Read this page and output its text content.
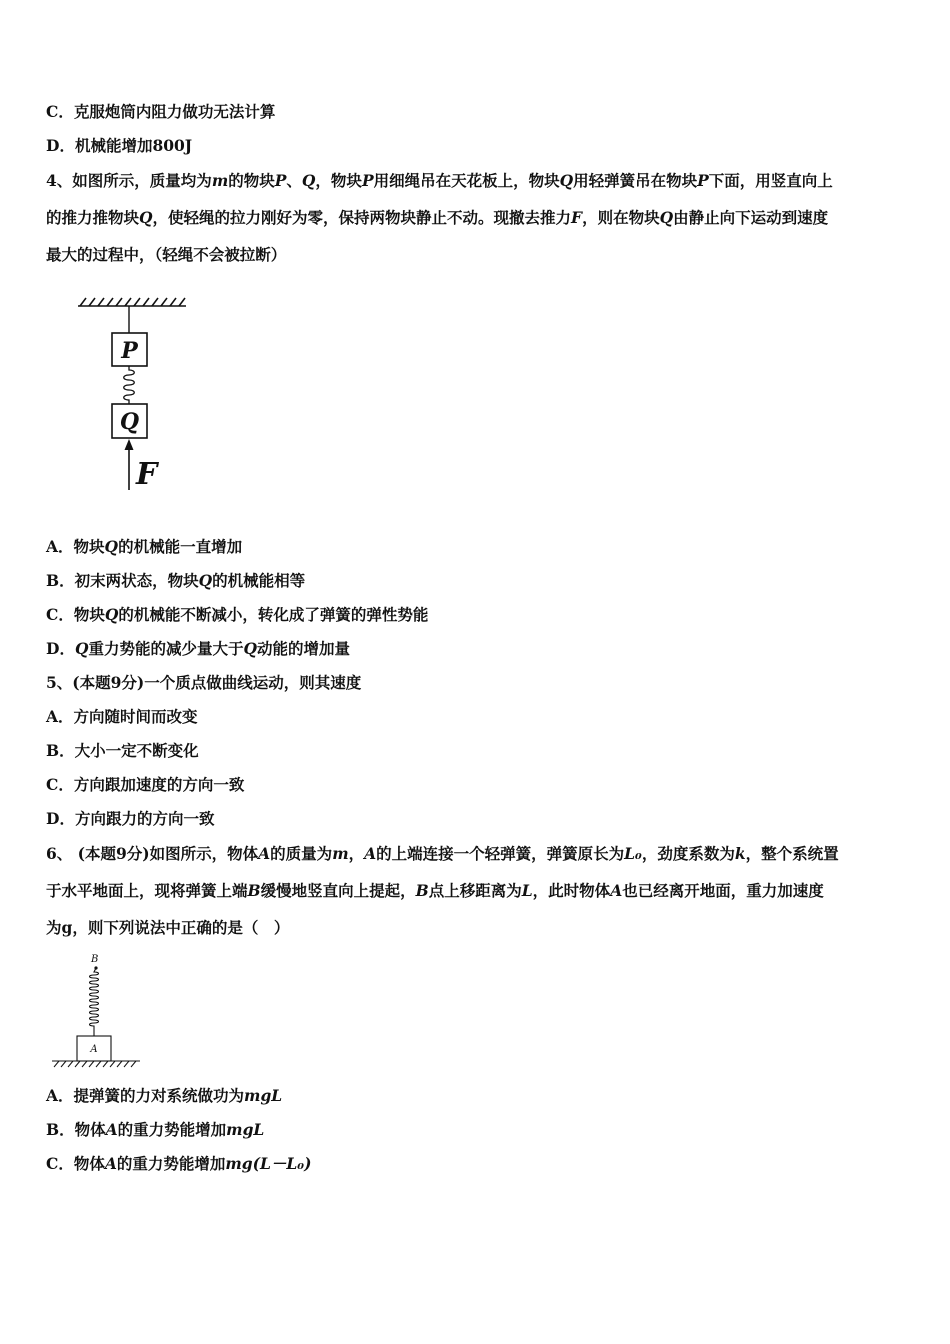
C．克服炮筒内阻力做功无法计算
D．机械能增加800J
4、如图所示，质量均为m的物块P、Q，物块P用细绳吊在天花板上，物块Q用轻弹簧吊在物块P下面，用竖直向上
的推力推物块Q，使轻绳的拉力刚好为零，保持两物块静止不动。现撤去推力F，则在物块Q由静止向下运动到速度
最大的过程中，（轻绳不会被拉断）
P
Q
F
A．物块Q的机械能一直增加
B．初末两状态，物块Q的机械能相等
C．物块Q的机械能不断减小，转化成了弹簧的弹性势能
D．Q重力势能的减少量大于Q动能的增加量
5、(本题9分)一个质点做曲线运动，则其速度
A．方向随时间而改变
B．大小一定不断变化
C．方向跟加速度的方向一致
D．方向跟力的方向一致
6、 (本题9分)如图所示，物体A的质量为m，A的上端连接一个轻弹簧，弹簧原长为L₀，劲度系数为k，整个系统置
于水平地面上，现将弹簧上端B缓慢地竖直向上提起，B点上移距离为L，此时物体A也已经离开地面，重力加速度
为g，则下列说法中正确的是（　）
B
A
A．提弹簧的力对系统做功为mgL
B．物体A的重力势能增加mgL
C．物体A的重力势能增加mg(L－L₀)
